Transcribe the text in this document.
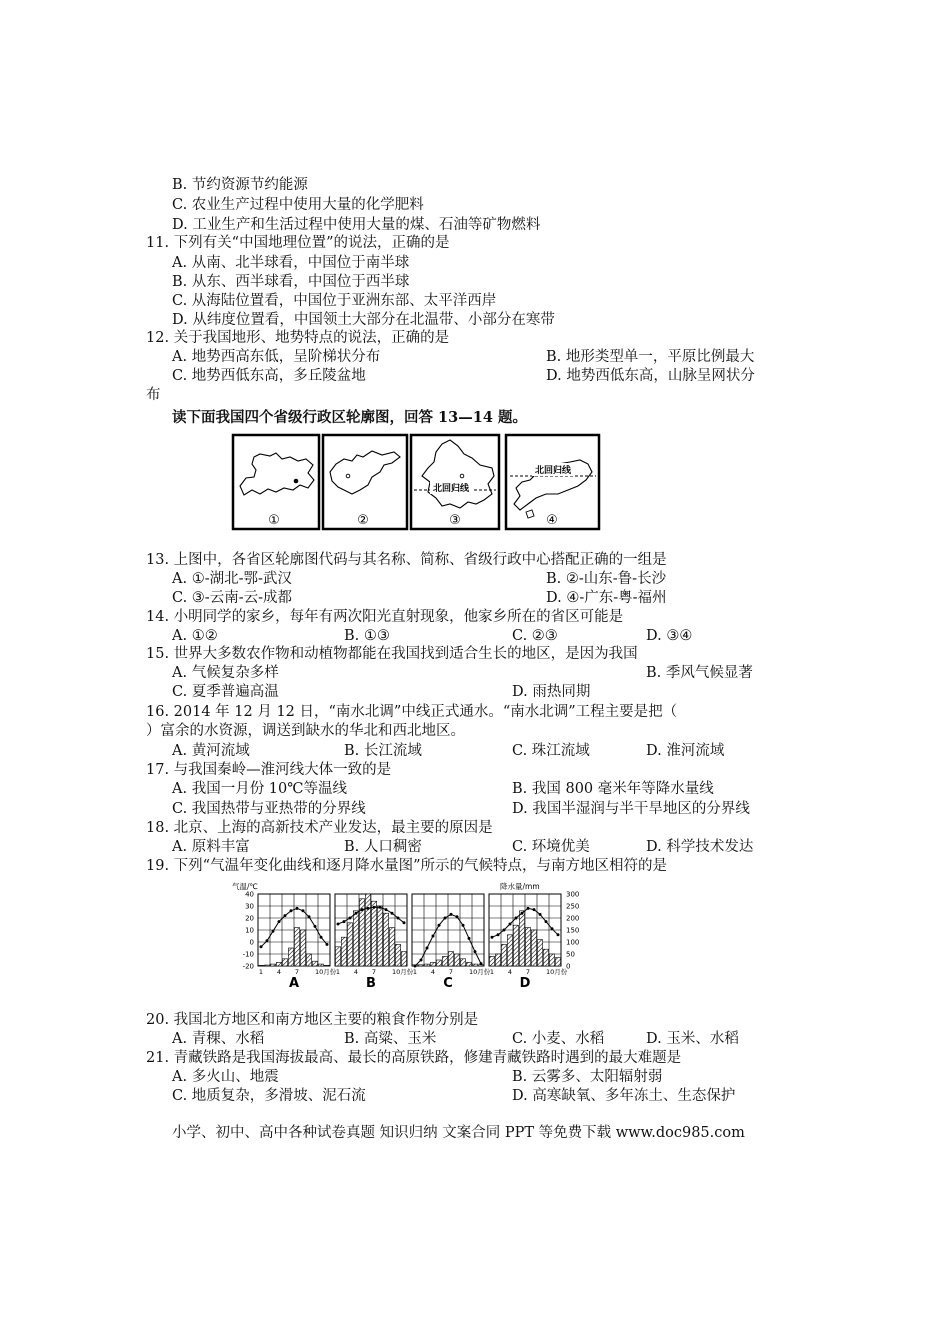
B. 节约资源节约能源
C. 农业生产过程中使用大量的化学肥料
D. 工业生产和生活过程中使用大量的煤、石油等矿物燃料
11. 下列有关“中国地理位置”的说法，正确的是
A. 从南、北半球看，中国位于南半球
B. 从东、西半球看，中国位于西半球
C. 从海陆位置看，中国位于亚洲东部、太平洋西岸
D. 从纬度位置看，中国领土大部分在北温带、小部分在寒带
12. 关于我国地形、地势特点的说法，正确的是
A. 地势西高东低，呈阶梯状分布	B. 地形类型单一，平原比例最大
C. 地势西低东高，多丘陵盆地	D. 地势西低东高，山脉呈网状分
布
读下面我国四个省级行政区轮廓图，回答 13—14 题。
①	②
北回归线
③
北回归线
④
13. 上图中，各省区轮廓图代码与其名称、简称、省级行政中心搭配正确的一组是
A. ①-湖北-鄂-武汉	B. ②-山东-鲁-长沙
C. ③-云南-云-成都	D. ④-广东-粤-福州
14. 小明同学的家乡，每年有两次阳光直射现象，他家乡所在的省区可能是
A. ①②	B. ①③	C. ②③	D. ③④
15. 世界大多数农作物和动植物都能在我国找到适合生长的地区，是因为我国
A. 气候复杂多样	B. 季风气候显著
C. 夏季普遍高温	D. 雨热同期
16. 2014 年 12 月 12 日，“南水北调”中线正式通水。“南水北调”工程主要是把（
）富余的水资源，调送到缺水的华北和西北地区。
A. 黄河流域	B. 长江流域	C. 珠江流域	D. 淮河流域
17. 与我国秦岭—淮河线大体一致的是
A. 我国一月份 10℃等温线	B. 我国 800 毫米年等降水量线
C. 我国热带与亚热带的分界线	D. 我国半湿润与半干旱地区的分界线
18. 北京、上海的高新技术产业发达，最主要的原因是
A. 原料丰富	B. 人口稠密	C. 环境优美	D. 科学技术发达
19. 下列“气温年变化曲线和逐月降水量图”所示的气候特点，与南方地区相符的是
气温/℃	降水量/mm
40
30
20
10
0
-10
-20
300
250
200
150
100
50
0
1 4 7 10月份
A
1 4 7 10月份
B
1 4 7 10月份
C
1 4 7 10月份
D
20. 我国北方地区和南方地区主要的粮食作物分别是
A. 青稞、水稻	B. 高粱、玉米	C. 小麦、水稻	D. 玉米、水稻
21. 青藏铁路是我国海拔最高、最长的高原铁路，修建青藏铁路时遇到的最大难题是
A. 多火山、地震	B. 云雾多、太阳辐射弱
C. 地质复杂，多滑坡、泥石流	D. 高寒缺氧、多年冻土、生态保护
小学、初中、高中各种试卷真题 知识归纳 文案合同 PPT 等免费下载 www.doc985.com
